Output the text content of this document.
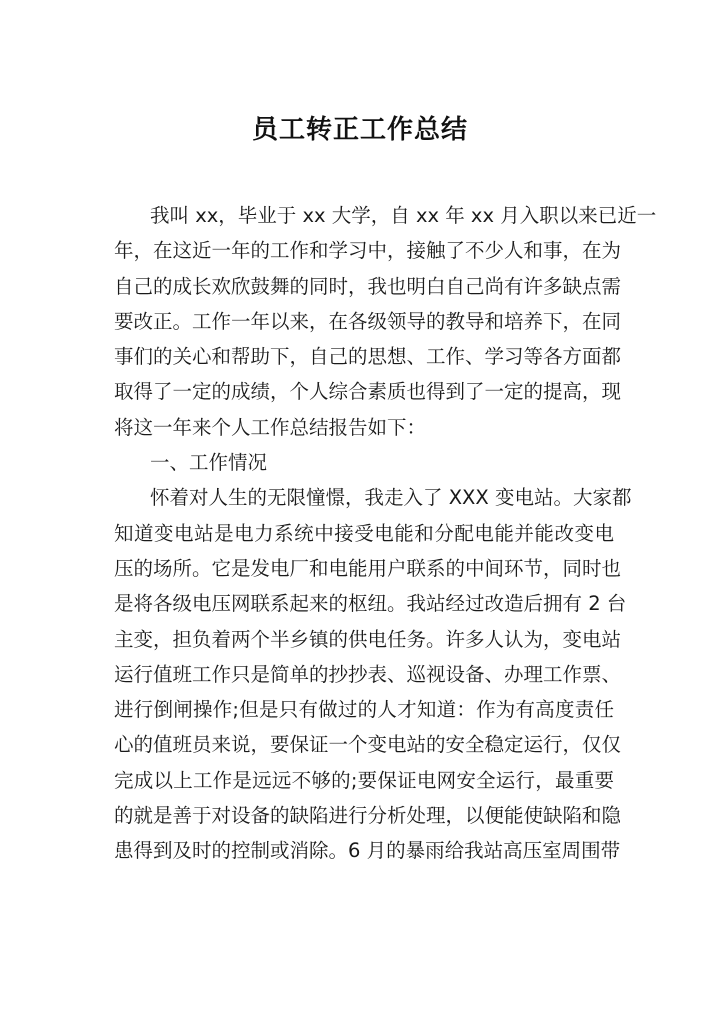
员工转正工作总结
我叫 xx，毕业于 xx 大学，自 xx 年 xx 月入职以来已近一
年，在这近一年的工作和学习中，接触了不少人和事，在为
自己的成长欢欣鼓舞的同时，我也明白自己尚有许多缺点需
要改正。工作一年以来，在各级领导的教导和培养下，在同
事们的关心和帮助下，自己的思想、工作、学习等各方面都
取得了一定的成绩，个人综合素质也得到了一定的提高，现
将这一年来个人工作总结报告如下：
一、工作情况
怀着对人生的无限憧憬，我走入了 XXX 变电站。大家都
知道变电站是电力系统中接受电能和分配电能并能改变电
压的场所。它是发电厂和电能用户联系的中间环节，同时也
是将各级电压网联系起来的枢纽。我站经过改造后拥有 2 台
主变，担负着两个半乡镇的供电任务。许多人认为，变电站
运行值班工作只是简单的抄抄表、巡视设备、办理工作票、
进行倒闸操作;但是只有做过的人才知道：作为有高度责任
心的值班员来说，要保证一个变电站的安全稳定运行，仅仅
完成以上工作是远远不够的;要保证电网安全运行，最重要
的就是善于对设备的缺陷进行分析处理，以便能使缺陷和隐
患得到及时的控制或消除。6 月的暴雨给我站高压室周围带
